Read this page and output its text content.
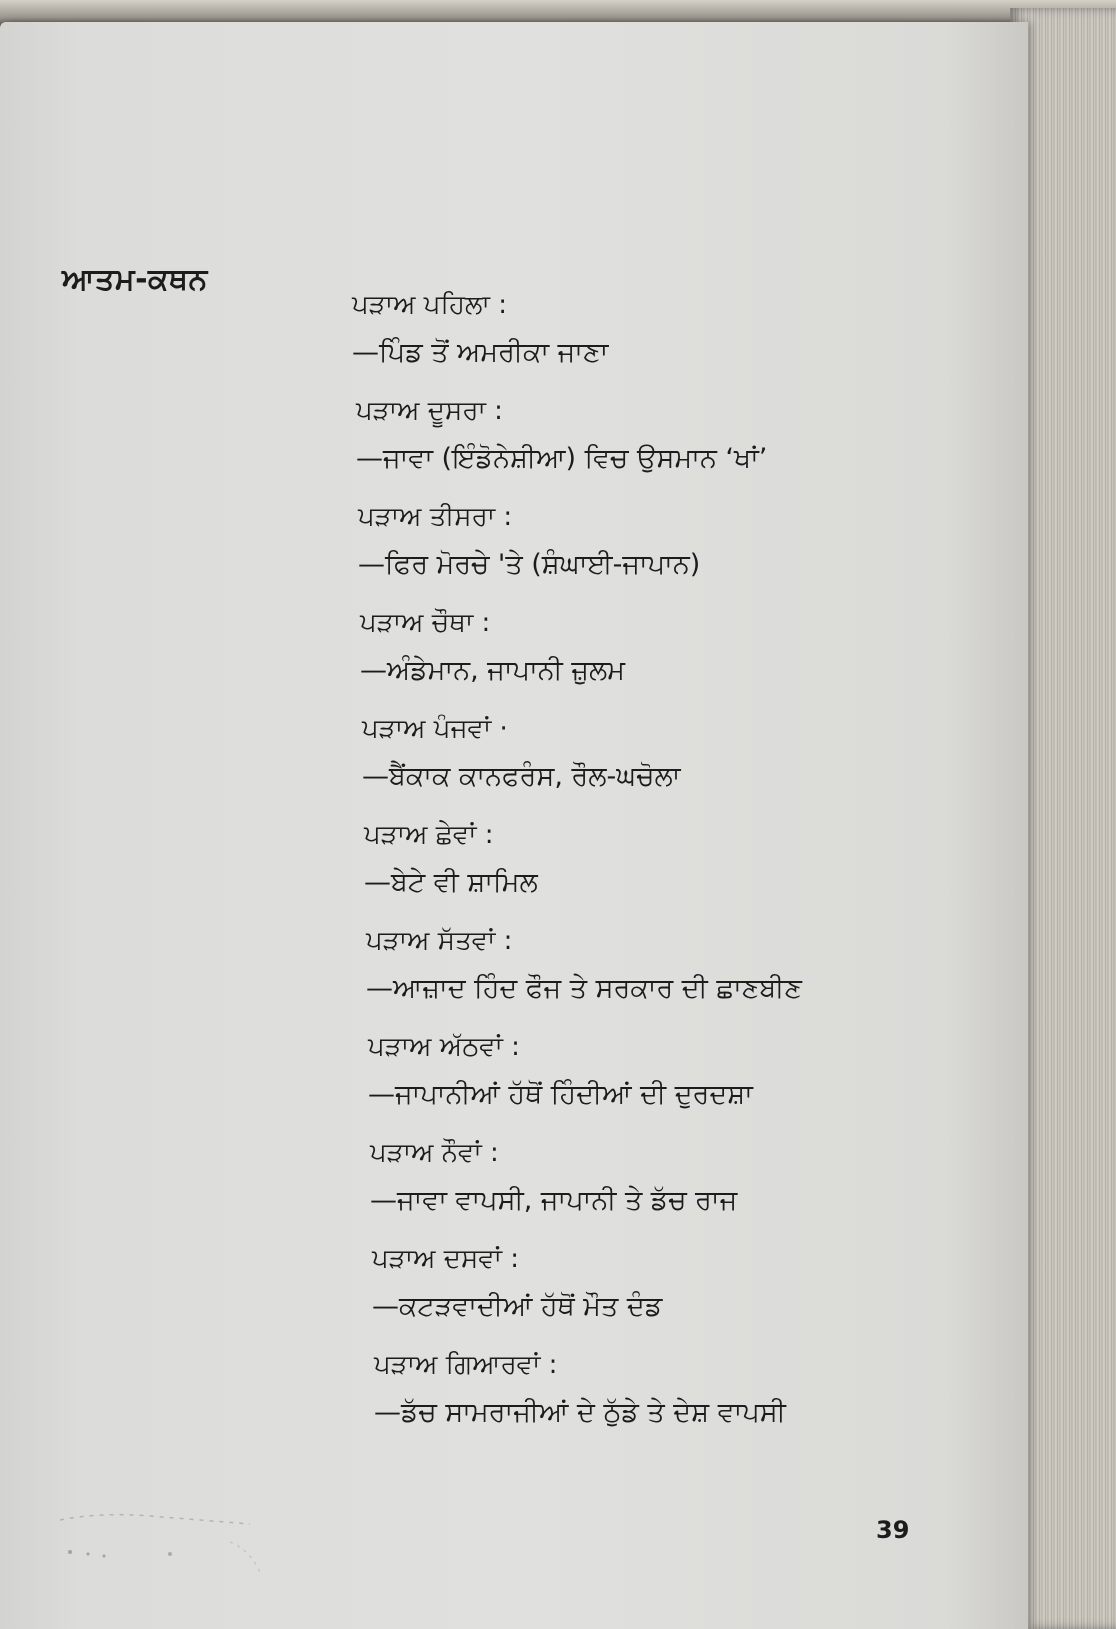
ਆਤਮ-ਕਥਨ
ਪੜਾਅ ਪਹਿਲਾ :
—ਪਿੰਡ ਤੋਂ ਅਮਰੀਕਾ ਜਾਣਾ
ਪੜਾਅ ਦੂਸਰਾ :
—ਜਾਵਾ (ਇੰਡੋਨੇਸ਼ੀਆ) ਵਿਚ ਉਸਮਾਨ ‘ਖਾਂ’
ਪੜਾਅ ਤੀਸਰਾ :
—ਫਿਰ ਮੋਰਚੇ 'ਤੇ (ਸ਼ੰਘਾਈ-ਜਾਪਾਨ)
ਪੜਾਅ ਚੌਥਾ :
—ਅੰਡੇਮਾਨ, ਜਾਪਾਨੀ ਜ਼ੁਲਮ
ਪੜਾਅ ਪੰਜਵਾਂ ·
—ਬੈਂਕਾਕ ਕਾਨਫਰੰਸ, ਰੌਲ-ਘਚੋਲਾ
ਪੜਾਅ ਛੇਵਾਂ :
—ਬੇਟੇ ਵੀ ਸ਼ਾਮਿਲ
ਪੜਾਅ ਸੱਤਵਾਂ :
—ਆਜ਼ਾਦ ਹਿੰਦ ਫੌਜ ਤੇ ਸਰਕਾਰ ਦੀ ਛਾਣਬੀਣ
ਪੜਾਅ ਅੱਠਵਾਂ :
—ਜਾਪਾਨੀਆਂ ਹੱਥੋਂ ਹਿੰਦੀਆਂ ਦੀ ਦੁਰਦਸ਼ਾ
ਪੜਾਅ ਨੌਵਾਂ :
—ਜਾਵਾ ਵਾਪਸੀ, ਜਾਪਾਨੀ ਤੇ ਡੱਚ ਰਾਜ
ਪੜਾਅ ਦਸਵਾਂ :
—ਕਟੜਵਾਦੀਆਂ ਹੱਥੋਂ ਮੌਤ ਦੰਡ
ਪੜਾਅ ਗਿਆਰਵਾਂ :
—ਡੱਚ ਸਾਮਰਾਜੀਆਂ ਦੇ ਠੁੱਡੇ ਤੇ ਦੇਸ਼ ਵਾਪਸੀ
39
